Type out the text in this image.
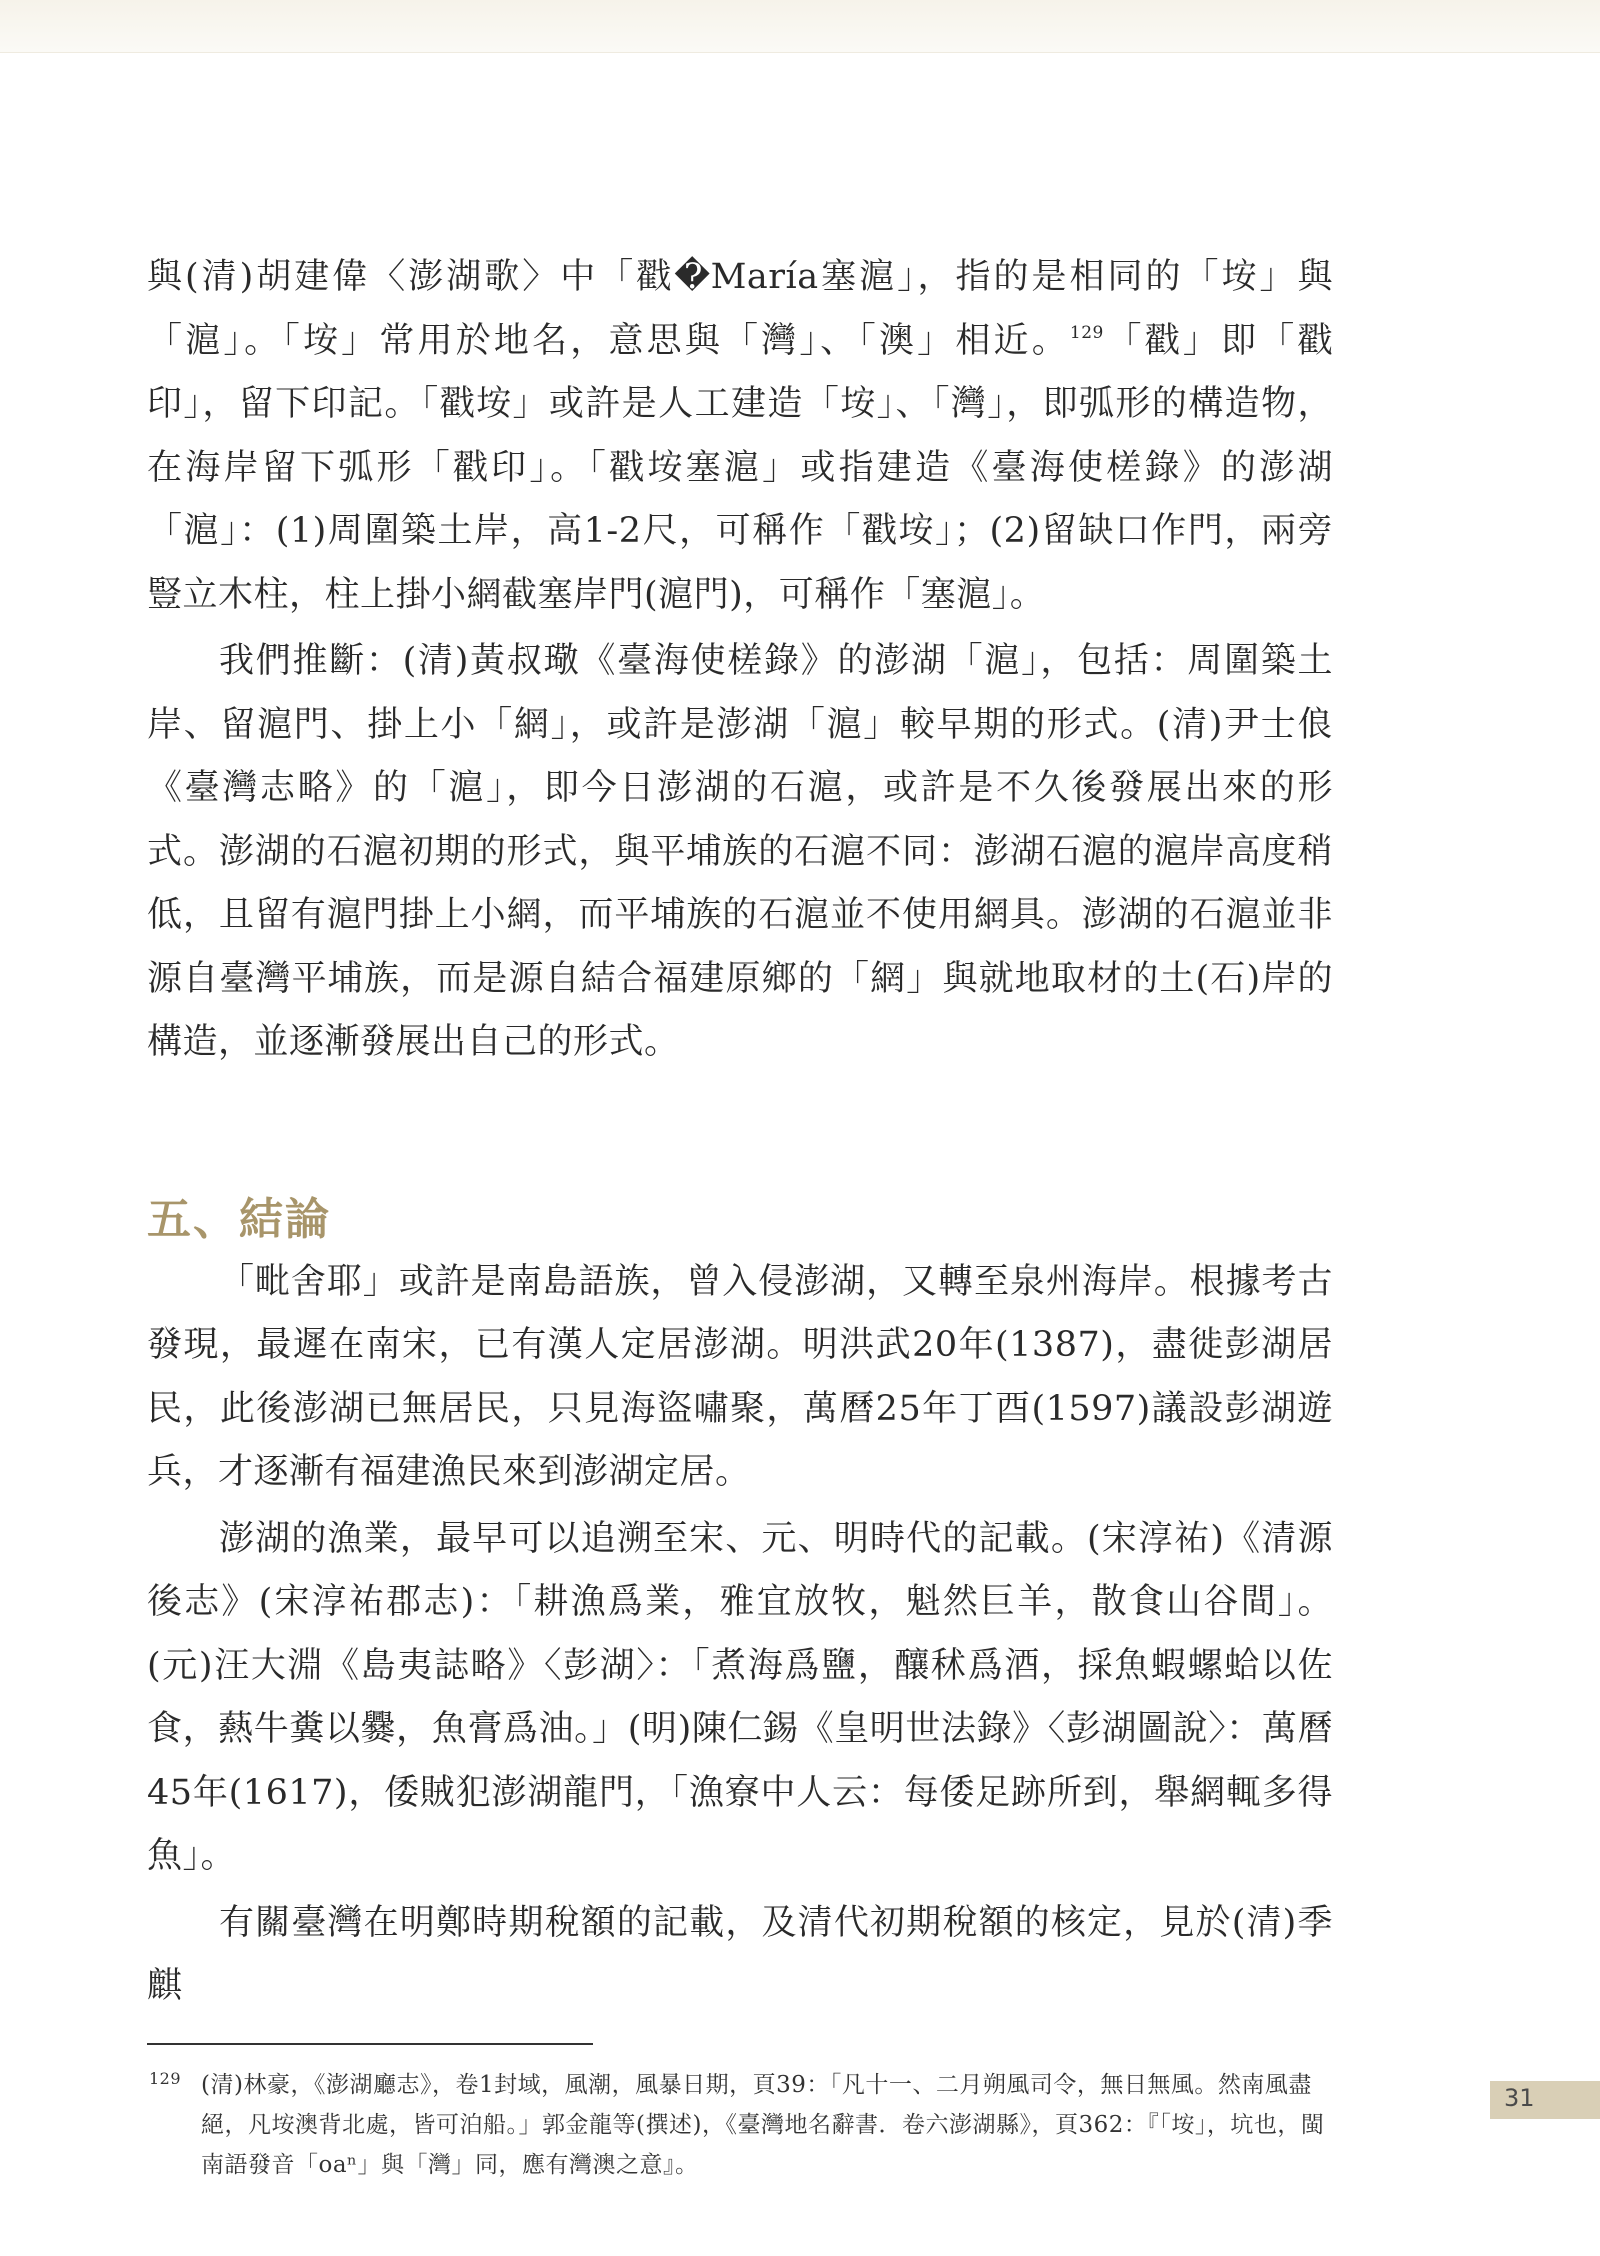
與(清)胡建偉〈澎湖歌〉中「戳�María塞滬」，指的是相同的「垵」與「滬」。「垵」常用於地名，意思與「灣」、「澳」相近。$^{129}$「戳」即「戳印」，留下印記。「戳垵」或許是人工建造「垵」、「灣」，即弧形的構造物，在海岸留下弧形「戳印」。「戳垵塞滬」或指建造《臺海使槎錄》的澎湖「滬」：(1)周圍築土岸，高1-2尺，可稱作「戳垵」；(2)留缺口作門，兩旁豎立木柱，柱上掛小網截塞岸門(滬門)，可稱作「塞滬」。

我們推斷：(清)黃叔璥《臺海使槎錄》的澎湖「滬」，包括：周圍築土岸、留滬門、掛上小「網」，或許是澎湖「滬」較早期的形式。(清)尹士俍《臺灣志略》的「滬」，即今日澎湖的石滬，或許是不久後發展出來的形式。澎湖的石滬初期的形式，與平埔族的石滬不同：澎湖石滬的滬岸高度稍低，且留有滬門掛上小網，而平埔族的石滬並不使用網具。澎湖的石滬並非源自臺灣平埔族，而是源自結合福建原鄉的「網」與就地取材的土(石)岸的構造，並逐漸發展出自己的形式。

五、結論

「毗舍耶」或許是南島語族，曾入侵澎湖，又轉至泉州海岸。根據考古發現，最遲在南宋，已有漢人定居澎湖。明洪武20年(1387)，盡徙彭湖居民，此後澎湖已無居民，只見海盜嘯聚，萬曆25年丁酉(1597)議設彭湖遊兵，才逐漸有福建漁民來到澎湖定居。

澎湖的漁業，最早可以追溯至宋、元、明時代的記載。(宋淳祐)《清源後志》(宋淳祐郡志)：「耕漁爲業，雅宜放牧，魁然巨羊，散食山谷間」。(元)汪大淵《島夷誌略》〈彭湖〉：「煮海爲鹽，釀秫爲酒，採魚蝦螺蛤以佐食，爇牛糞以爨，魚膏爲油。」(明)陳仁錫《皇明世法錄》〈彭湖圖說〉：萬曆45年(1617)，倭賊犯澎湖龍門，「漁寮中人云：每倭足跡所到，舉網輒多得魚」。

有關臺灣在明鄭時期稅額的記載，及清代初期稅額的核定，見於(清)季麒

129 (清)林豪，《澎湖廳志》，卷1封域，風潮，風暴日期，頁39：「凡十一、二月朔風司令，無日無風。然南風盡絕，凡垵澳背北處，皆可泊船。」郭金龍等(撰述)，《臺灣地名辭書．卷六澎湖縣》，頁362：『「垵」，坑也，閩南語發音「oaⁿ」與「灣」同，應有灣澳之意』。
31
